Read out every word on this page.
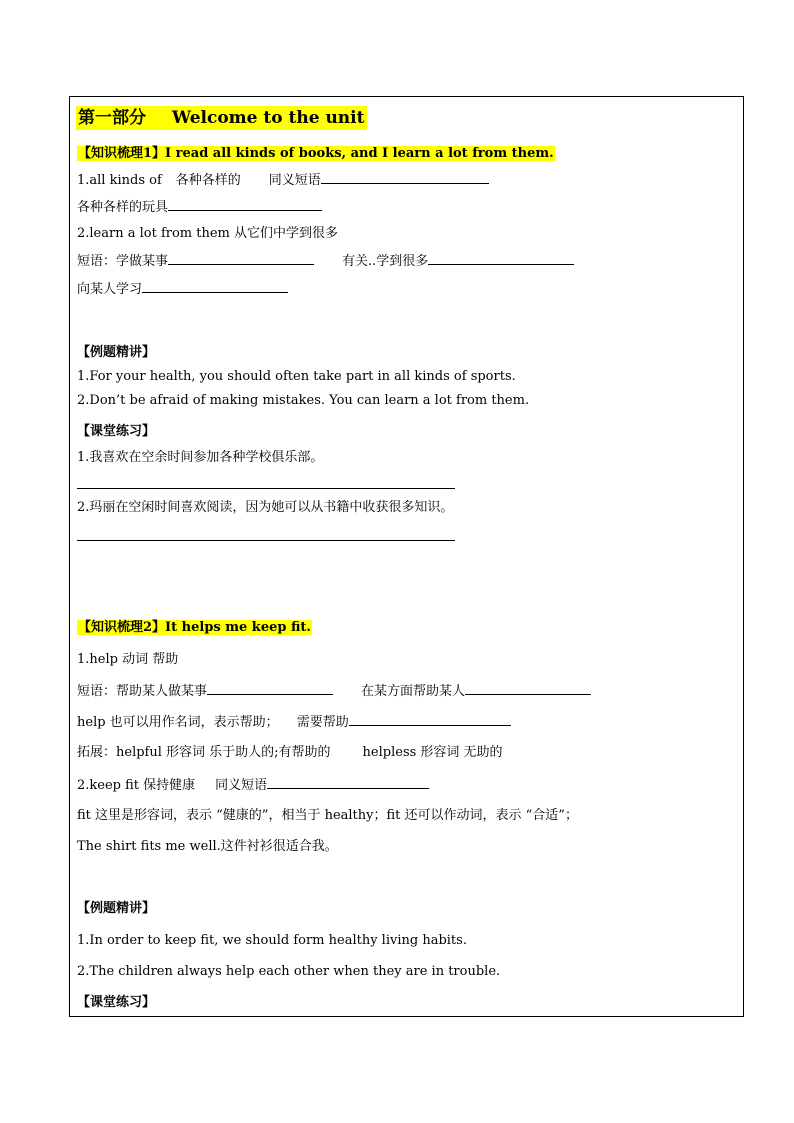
第一部分 Welcome to the unit
【知识梳理1】I read all kinds of books, and I learn a lot from them.
1.all kinds of 各种各样的 同义短语
各种各样的玩具
2.learn a lot from them 从它们中学到很多
短语：学做某事	有关..学到很多
向某人学习
【例题精讲】
1.For your health, you should often take part in all kinds of sports.
2.Don’t be afraid of making mistakes. You can learn a lot from them.
【课堂练习】
1.我喜欢在空余时间参加各种学校俱乐部。
2.玛丽在空闲时间喜欢阅读，因为她可以从书籍中收获很多知识。
【知识梳理2】It helps me keep fit.
1.help 动词 帮助
短语：帮助某人做某事	在某方面帮助某人
help 也可以用作名词，表示帮助； 需要帮助
拓展：helpful 形容词 乐于助人的;有帮助的 helpless 形容词 无助的
2.keep fit 保持健康 同义短语
fit 这里是形容词，表示 “健康的”，相当于 healthy；fit 还可以作动词，表示 “合适”；
The shirt fits me well.这件衬衫很适合我。
【例题精讲】
1.In order to keep fit, we should form healthy living habits.
2.The children always help each other when they are in trouble.
【课堂练习】
